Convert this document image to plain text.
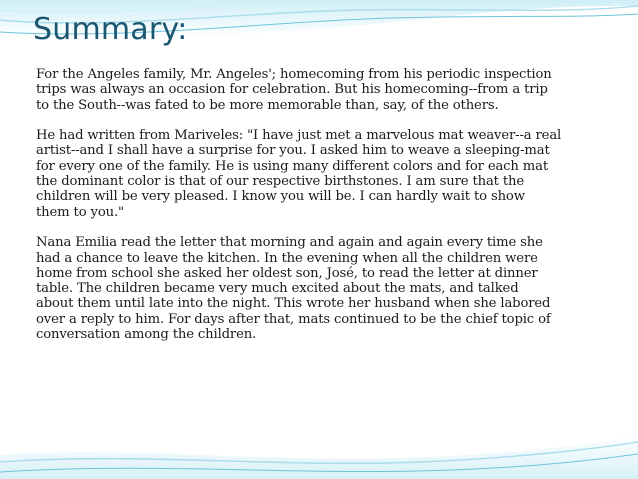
Summary:

For the Angeles family, Mr. Angeles'; homecoming from his periodic inspection
trips was always an occasion for celebration. But his homecoming--from a trip
to the South--was fated to be more memorable than, say, of the others.

He had written from Mariveles: "I have just met a marvelous mat weaver--a real
artist--and I shall have a surprise for you. I asked him to weave a sleeping-mat
for every one of the family. He is using many different colors and for each mat
the dominant color is that of our respective birthstones. I am sure that the
children will be very pleased. I know you will be. I can hardly wait to show
them to you."

Nana Emilia read the letter that morning and again and again every time she
had a chance to leave the kitchen. In the evening when all the children were
home from school she asked her oldest son, José, to read the letter at dinner
table. The children became very much excited about the mats, and talked
about them until late into the night. This wrote her husband when she labored
over a reply to him. For days after that, mats continued to be the chief topic of
conversation among the children.
